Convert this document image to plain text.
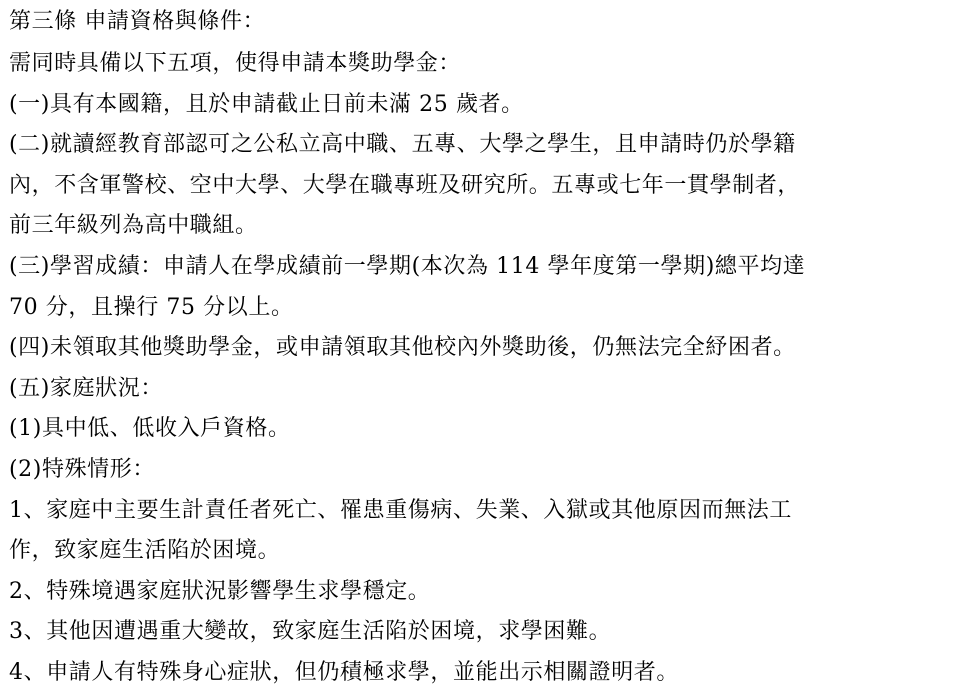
第三條 申請資格與條件：
需同時具備以下五項，使得申請本獎助學金：
(一)具有本國籍，且於申請截止日前未滿 25 歲者。
(二)就讀經教育部認可之公私立高中職、五專、大學之學生，且申請時仍於學籍
內，不含軍警校、空中大學、大學在職專班及研究所。五專或七年一貫學制者，
前三年級列為高中職組。
(三)學習成績：申請人在學成績前一學期(本次為 114 學年度第一學期)總平均達
70 分，且操行 75 分以上。
(四)未領取其他獎助學金，或申請領取其他校內外獎助後，仍無法完全紓困者。
(五)家庭狀況：
(1)具中低、低收入戶資格。
(2)特殊情形：
1、家庭中主要生計責任者死亡、罹患重傷病、失業、入獄或其他原因而無法工
作，致家庭生活陷於困境。
2、特殊境遇家庭狀況影響學生求學穩定。
3、其他因遭遇重大變故，致家庭生活陷於困境，求學困難。
4、申請人有特殊身心症狀，但仍積極求學，並能出示相關證明者。
